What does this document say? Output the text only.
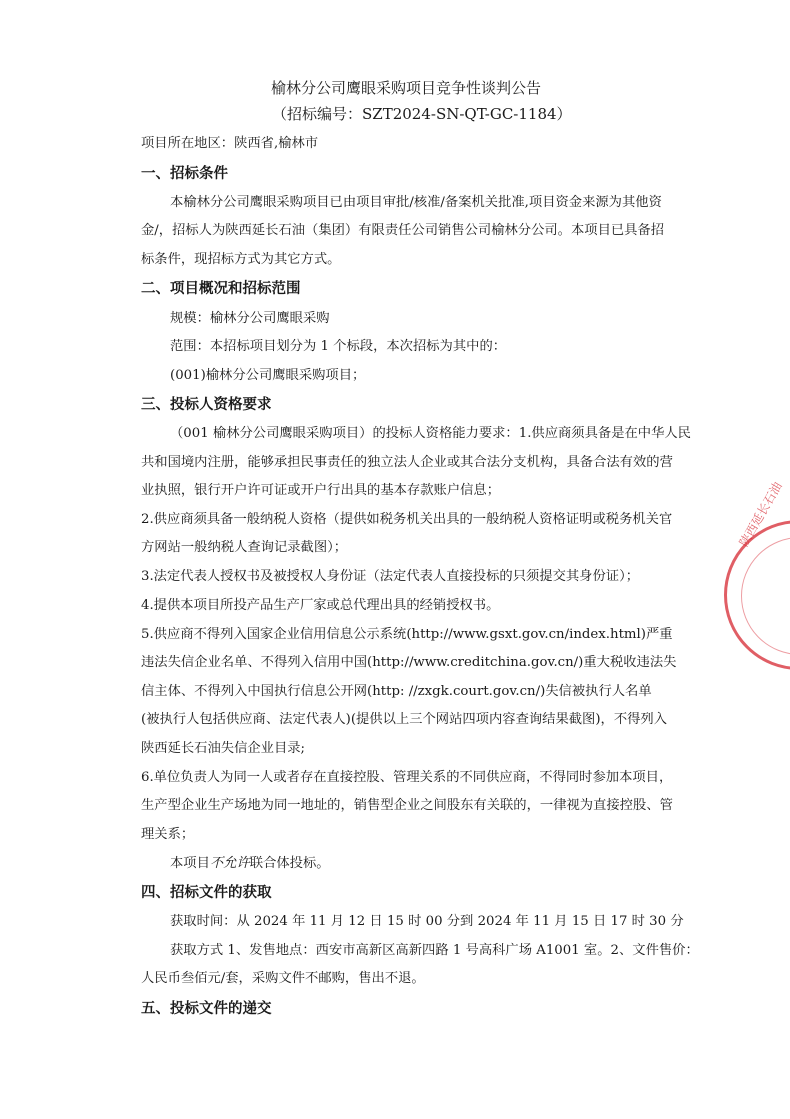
榆林分公司鹰眼采购项目竞争性谈判公告
（招标编号：SZT2024-SN-QT-GC-1184）
项目所在地区：陕西省,榆林市
一、招标条件
本榆林分公司鹰眼采购项目已由项目审批/核准/备案机关批准,项目资金来源为其他资
金/，招标人为陕西延长石油（集团）有限责任公司销售公司榆林分公司。本项目已具备招
标条件，现招标方式为其它方式。
二、项目概况和招标范围
规模：榆林分公司鹰眼采购
范围：本招标项目划分为 1 个标段，本次招标为其中的：
(001)榆林分公司鹰眼采购项目；
三、投标人资格要求
（001 榆林分公司鹰眼采购项目）的投标人资格能力要求：1.供应商须具备是在中华人民
共和国境内注册，能够承担民事责任的独立法人企业或其合法分支机构，具备合法有效的营
业执照，银行开户许可证或开户行出具的基本存款账户信息；
2.供应商须具备一般纳税人资格（提供如税务机关出具的一般纳税人资格证明或税务机关官
方网站一般纳税人查询记录截图）；
3.法定代表人授权书及被授权人身份证（法定代表人直接投标的只须提交其身份证）；
4.提供本项目所投产品生产厂家或总代理出具的经销授权书。
5.供应商不得列入国家企业信用信息公示系统(http://www.gsxt.gov.cn/index.html)严重
违法失信企业名单、不得列入信用中国(http://www.creditchina.gov.cn/)重大税收违法失
信主体、不得列入中国执行信息公开网(http: //zxgk.court.gov.cn/)失信被执行人名单
(被执行人包括供应商、法定代表人)(提供以上三个网站四项内容查询结果截图)，不得列入
陕西延长石油失信企业目录;
6.单位负责人为同一人或者存在直接控股、管理关系的不同供应商，不得同时参加本项目，
生产型企业生产场地为同一地址的，销售型企业之间股东有关联的，一律视为直接控股、管
理关系；
本项目不允许联合体投标。
四、招标文件的获取
获取时间：从 2024 年 11 月 12 日 15 时 00 分到 2024 年 11 月 15 日 17 时 30 分
获取方式 1、发售地点：西安市高新区高新四路 1 号高科广场 A1001 室。2、文件售价：
人民币叁佰元/套，采购文件不邮购，售出不退。
五、投标文件的递交
陕西延长石油
